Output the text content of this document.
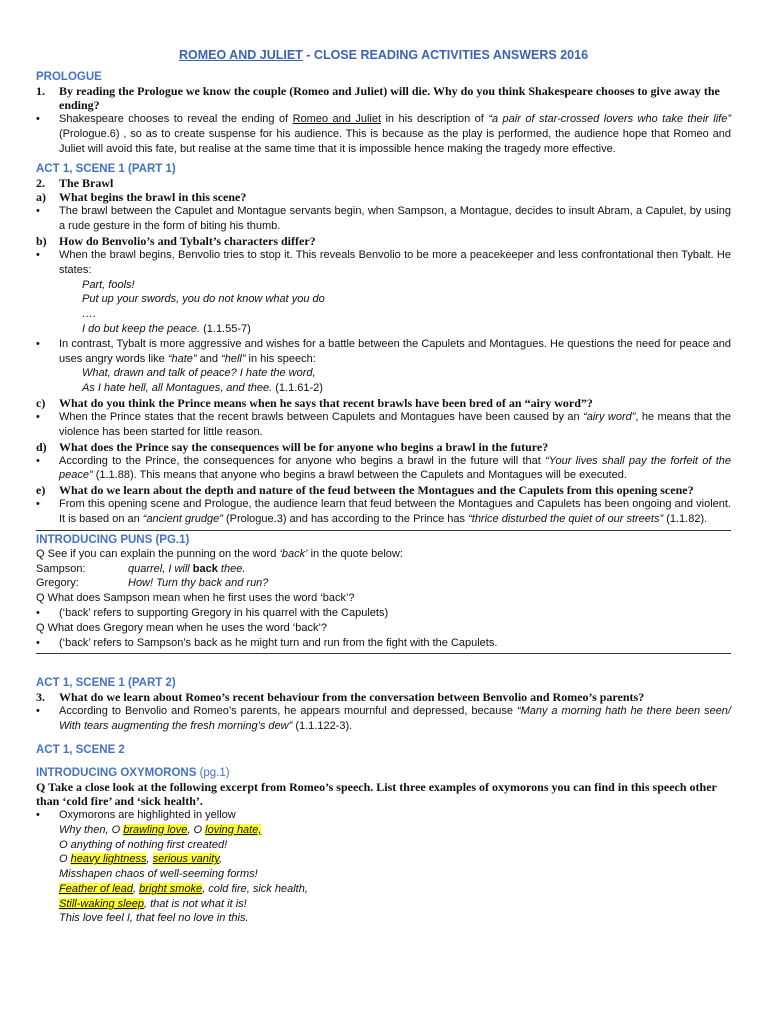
ROMEO AND JULIET - CLOSE READING ACTIVITIES ANSWERS 2016
PROLOGUE
1.	By reading the Prologue we know the couple (Romeo and Juliet) will die. Why do you think Shakespeare chooses to give away the ending?
•	Shakespeare chooses to reveal the ending of Romeo and Juliet in his description of “a pair of star-crossed lovers who take their life” (Prologue.6) , so as to create suspense for his audience. This is because as the play is performed, the audience hope that Romeo and Juliet will avoid this fate, but realise at the same time that it is impossible hence making the tragedy more effective.
ACT 1, SCENE 1 (PART 1)
2.	The Brawl
a)	What begins the brawl in this scene?
•	The brawl between the Capulet and Montague servants begin, when Sampson, a Montague, decides to insult Abram, a Capulet, by using a rude gesture in the form of biting his thumb.
b)	How do Benvolio’s and Tybalt’s characters differ?
•	When the brawl begins, Benvolio tries to stop it. This reveals Benvolio to be more a peacekeeper and less confrontational then Tybalt. He states:
Part, fools!
Put up your swords, you do not know what you do
….
I do but keep the peace. (1.1.55-7)
•	In contrast, Tybalt is more aggressive and wishes for a battle between the Capulets and Montagues. He questions the need for peace and uses angry words like “hate” and “hell” in his speech:
What, drawn and talk of peace? I hate the word,
As I hate hell, all Montagues, and thee. (1.1.61-2)
c)	What do you think the Prince means when he says that recent brawls have been bred of an “airy word”?
•	When the Prince states that the recent brawls between Capulets and Montagues have been caused by an “airy word”, he means that the violence has been started for little reason.
d)	What does the Prince say the consequences will be for anyone who begins a brawl in the future?
•	According to the Prince, the consequences for anyone who begins a brawl in the future will that “Your lives shall pay the forfeit of the peace” (1.1.88). This means that anyone who begins a brawl between the Capulets and Montagues will be executed.
e)	What do we learn about the depth and nature of the feud between the Montagues and the Capulets from this opening scene?
•	From this opening scene and Prologue, the audience learn that feud between the Montagues and Capulets has been ongoing and violent. It is based on an “ancient grudge” (Prologue.3) and has according to the Prince has “thrice disturbed the quiet of our streets” (1.1.82).
INTRODUCING PUNS (PG.1)
Q See if you can explain the punning on the word ‘back’ in the quote below:
Sampson:	quarrel, I will back thee.
Gregory:	How! Turn thy back and run?
Q What does Sampson mean when he first uses the word ‘back’?
•	(‘back’ refers to supporting Gregory in his quarrel with the Capulets)
Q What does Gregory mean when he uses the word ‘back’?
•	(‘back’ refers to Sampson’s back as he might turn and run from the fight with the Capulets.
ACT 1, SCENE 1 (PART 2)
3.	What do we learn about Romeo’s recent behaviour from the conversation between Benvolio and Romeo’s parents?
•	According to Benvolio and Romeo’s parents, he appears mournful and depressed, because “Many a morning hath he there been seen/ With tears augmenting the fresh morning’s dew” (1.1.122-3).
ACT 1, SCENE 2
INTRODUCING OXYMORONS (pg.1)
Q Take a close look at the following excerpt from Romeo’s speech. List three examples of oxymorons you can find in this speech other than ‘cold fire’ and ‘sick health’.
•	Oxymorons are highlighted in yellow
Why then, O brawling love, O loving hate,
O anything of nothing first created!
O heavy lightness, serious vanity,
Misshapen chaos of well-seeming forms!
Feather of lead, bright smoke, cold fire, sick health,
Still-waking sleep, that is not what it is!
This love feel I, that feel no love in this.
